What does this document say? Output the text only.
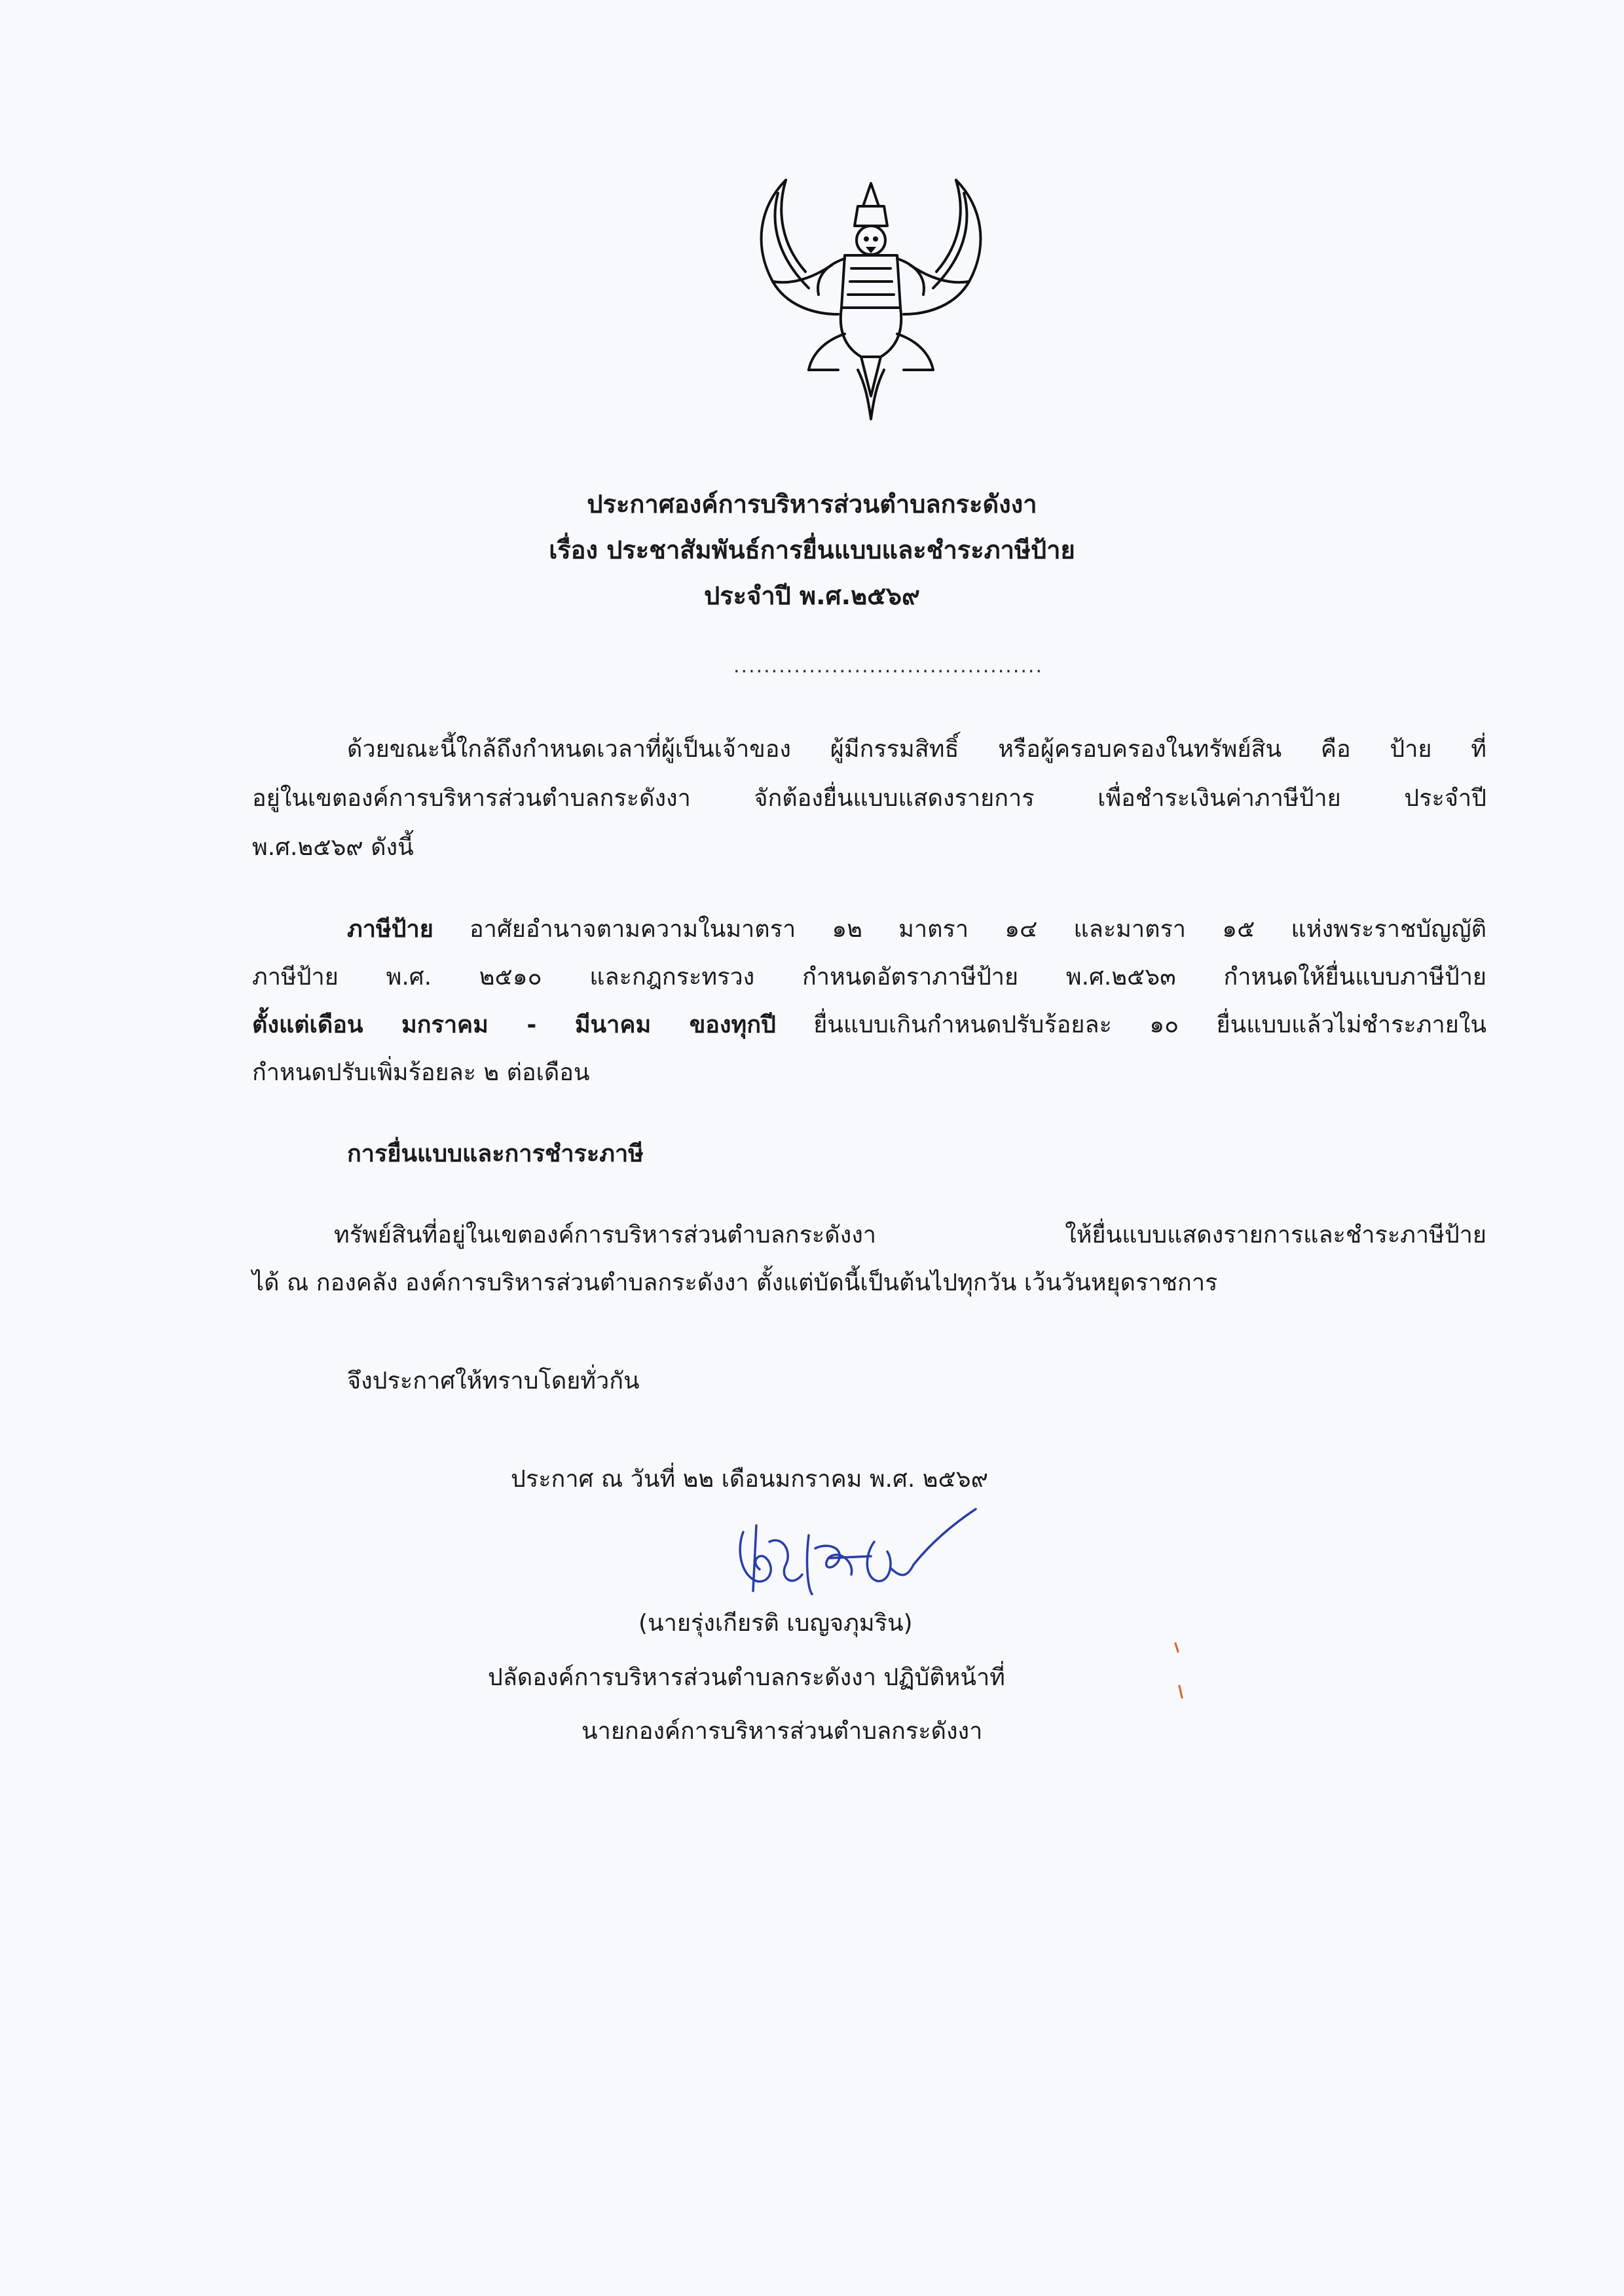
ประกาศองค์การบริหารส่วนตำบลกระดังงา
เรื่อง ประชาสัมพันธ์การยื่นแบบและชำระภาษีป้าย
ประจำปี พ.ศ.๒๕๖๙
.........................................
ด้วยขณะนี้ใกล้ถึงกำหนดเวลาที่ผู้เป็นเจ้าของ ผู้มีกรรมสิทธิ์ หรือผู้ครอบครองในทรัพย์สิน คือ ป้าย ที่
อยู่ในเขตองค์การบริหารส่วนตำบลกระดังงา จักต้องยื่นแบบแสดงรายการ เพื่อชำระเงินค่าภาษีป้าย ประจำปี
พ.ศ.๒๕๖๙ ดังนี้
ภาษีป้าย อาศัยอำนาจตามความในมาตรา ๑๒ มาตรา ๑๔ และมาตรา ๑๕ แห่งพระราชบัญญัติ
ภาษีป้าย พ.ศ. ๒๕๑๐ และกฎกระทรวง กำหนดอัตราภาษีป้าย พ.ศ.๒๕๖๓ กำหนดให้ยื่นแบบภาษีป้าย
ตั้งแต่เดือน มกราคม - มีนาคม ของทุกปี ยื่นแบบเกินกำหนดปรับร้อยละ ๑๐ ยื่นแบบแล้วไม่ชำระภายใน
กำหนดปรับเพิ่มร้อยละ ๒ ต่อเดือน
การยื่นแบบและการชำระภาษี
ทรัพย์สินที่อยู่ในเขตองค์การบริหารส่วนตำบลกระดังงา ให้ยื่นแบบแสดงรายการและชำระภาษีป้าย
ได้ ณ กองคลัง องค์การบริหารส่วนตำบลกระดังงา ตั้งแต่บัดนี้เป็นต้นไปทุกวัน เว้นวันหยุดราชการ
จึงประกาศให้ทราบโดยทั่วกัน
ประกาศ ณ วันที่ ๒๒ เดือนมกราคม พ.ศ. ๒๕๖๙
(นายรุ่งเกียรติ เบญจภุมริน)
ปลัดองค์การบริหารส่วนตำบลกระดังงา ปฏิบัติหน้าที่
นายกองค์การบริหารส่วนตำบลกระดังงา
